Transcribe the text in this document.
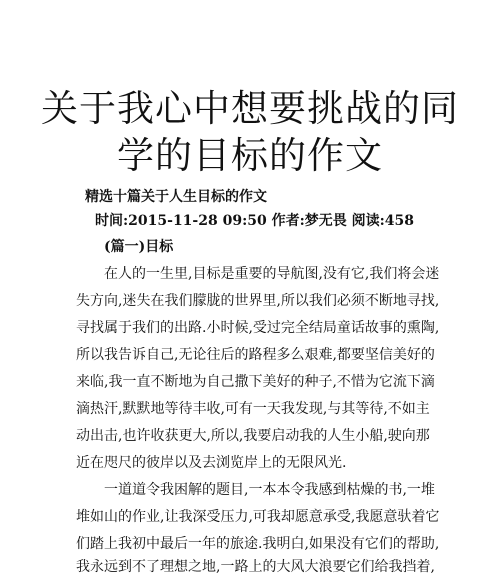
关于我心中想要挑战的同
学的目标的作文
精选十篇关于人生目标的作文
时间:2015-11-28 09:50 作者:梦无畏 阅读:458
(篇一)目标
在人的一生里,目标是重要的导航图,没有它,我们将会迷
失方向,迷失在我们朦胧的世界里,所以我们必须不断地寻找,
寻找属于我们的出路.小时候,受过完全结局童话故事的熏陶,
所以我告诉自己,无论往后的路程多么艰难,都要坚信美好的
来临,我一直不断地为自己撒下美好的种子,不惜为它流下滴
滴热汗,默默地等待丰收,可有一天我发现,与其等待,不如主
动出击,也许收获更大,所以,我要启动我的人生小船,驶向那
近在咫尺的彼岸以及去浏览岸上的无限风光.
一道道令我困解的题目,一本本令我感到枯燥的书,一堆
堆如山的作业,让我深受压力,可我却愿意承受,我愿意驮着它
们踏上我初中最后一年的旅途.我明白,如果没有它们的帮助,
我永远到不了理想之地,一路上的大风大浪要它们给我挡着,
